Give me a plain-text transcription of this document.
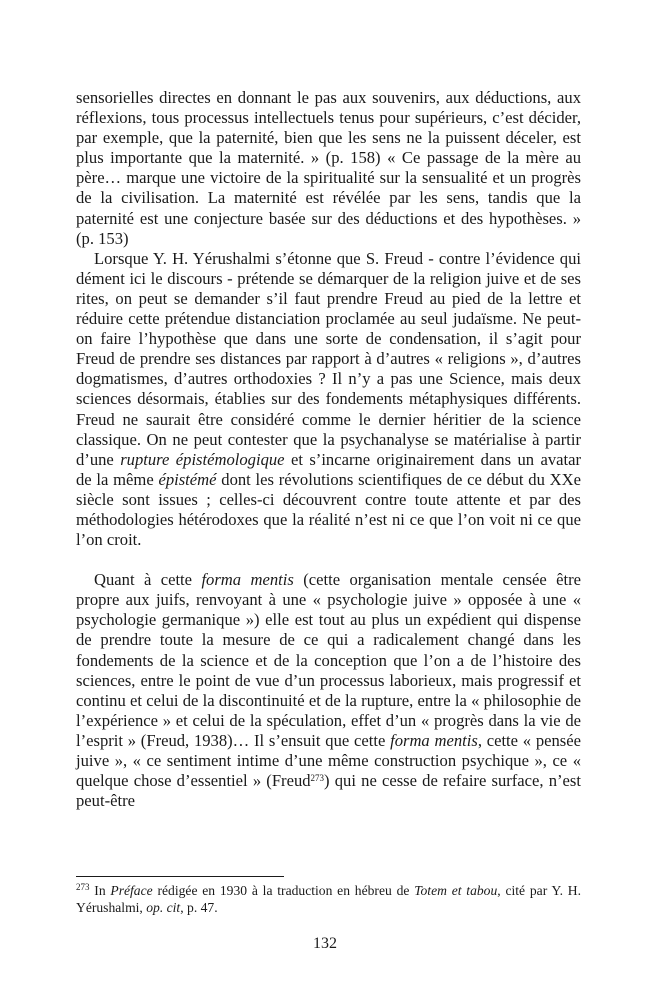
sensorielles directes en donnant le pas aux souvenirs, aux déductions, aux réflexions, tous processus intellectuels tenus pour supérieurs, c’est décider, par exemple, que la paternité, bien que les sens ne la puissent déceler, est plus importante que la maternité. » (p. 158) « Ce passage de la mère au père… marque une victoire de la spiritualité sur la sensualité et un progrès de la civilisation. La maternité est révélée par les sens, tandis que la paternité est une conjecture basée sur des déductions et des hypothèses. » (p. 153)

Lorsque Y. H. Yérushalmi s’étonne que S. Freud - contre l’évidence qui dément ici le discours - prétende se démarquer de la religion juive et de ses rites, on peut se demander s’il faut prendre Freud au pied de la lettre et réduire cette prétendue distanciation proclamée au seul judaïsme. Ne peut-on faire l’hypothèse que dans une sorte de condensation, il s’agit pour Freud de prendre ses distances par rapport à d’autres « religions », d’autres dogmatismes, d’autres orthodoxies ? Il n’y a pas une Science, mais deux sciences désormais, établies sur des fondements métaphysiques différents. Freud ne saurait être considéré comme le dernier héritier de la science classique. On ne peut contester que la psychanalyse se matérialise à partir d’une rupture épistémologique et s’incarne originairement dans un avatar de la même épistémé dont les révolutions scientifiques de ce début du XXe siècle sont issues ; celles-ci découvrent contre toute attente et par des méthodologies hétérodoxes que la réalité n’est ni ce que l’on voit ni ce que l’on croit.

Quant à cette forma mentis (cette organisation mentale censée être propre aux juifs, renvoyant à une « psychologie juive » opposée à une « psychologie germanique ») elle est tout au plus un expédient qui dispense de prendre toute la mesure de ce qui a radicalement changé dans les fondements de la science et de la conception que l’on a de l’histoire des sciences, entre le point de vue d’un processus laborieux, mais progressif et continu et celui de la discontinuité et de la rupture, entre la « philosophie de l’expérience » et celui de la spéculation, effet d’un « progrès dans la vie de l’esprit » (Freud, 1938)… Il s’ensuit que cette forma mentis, cette « pensée juive », « ce sentiment intime d’une même construction psychique », ce « quelque chose d’essentiel » (Freud$^{273}$) qui ne cesse de refaire surface, n’est peut-être

$^{273}$ In Préface rédigée en 1930 à la traduction en hébreu de Totem et tabou, cité par Y. H. Yérushalmi, op. cit, p. 47.

132
